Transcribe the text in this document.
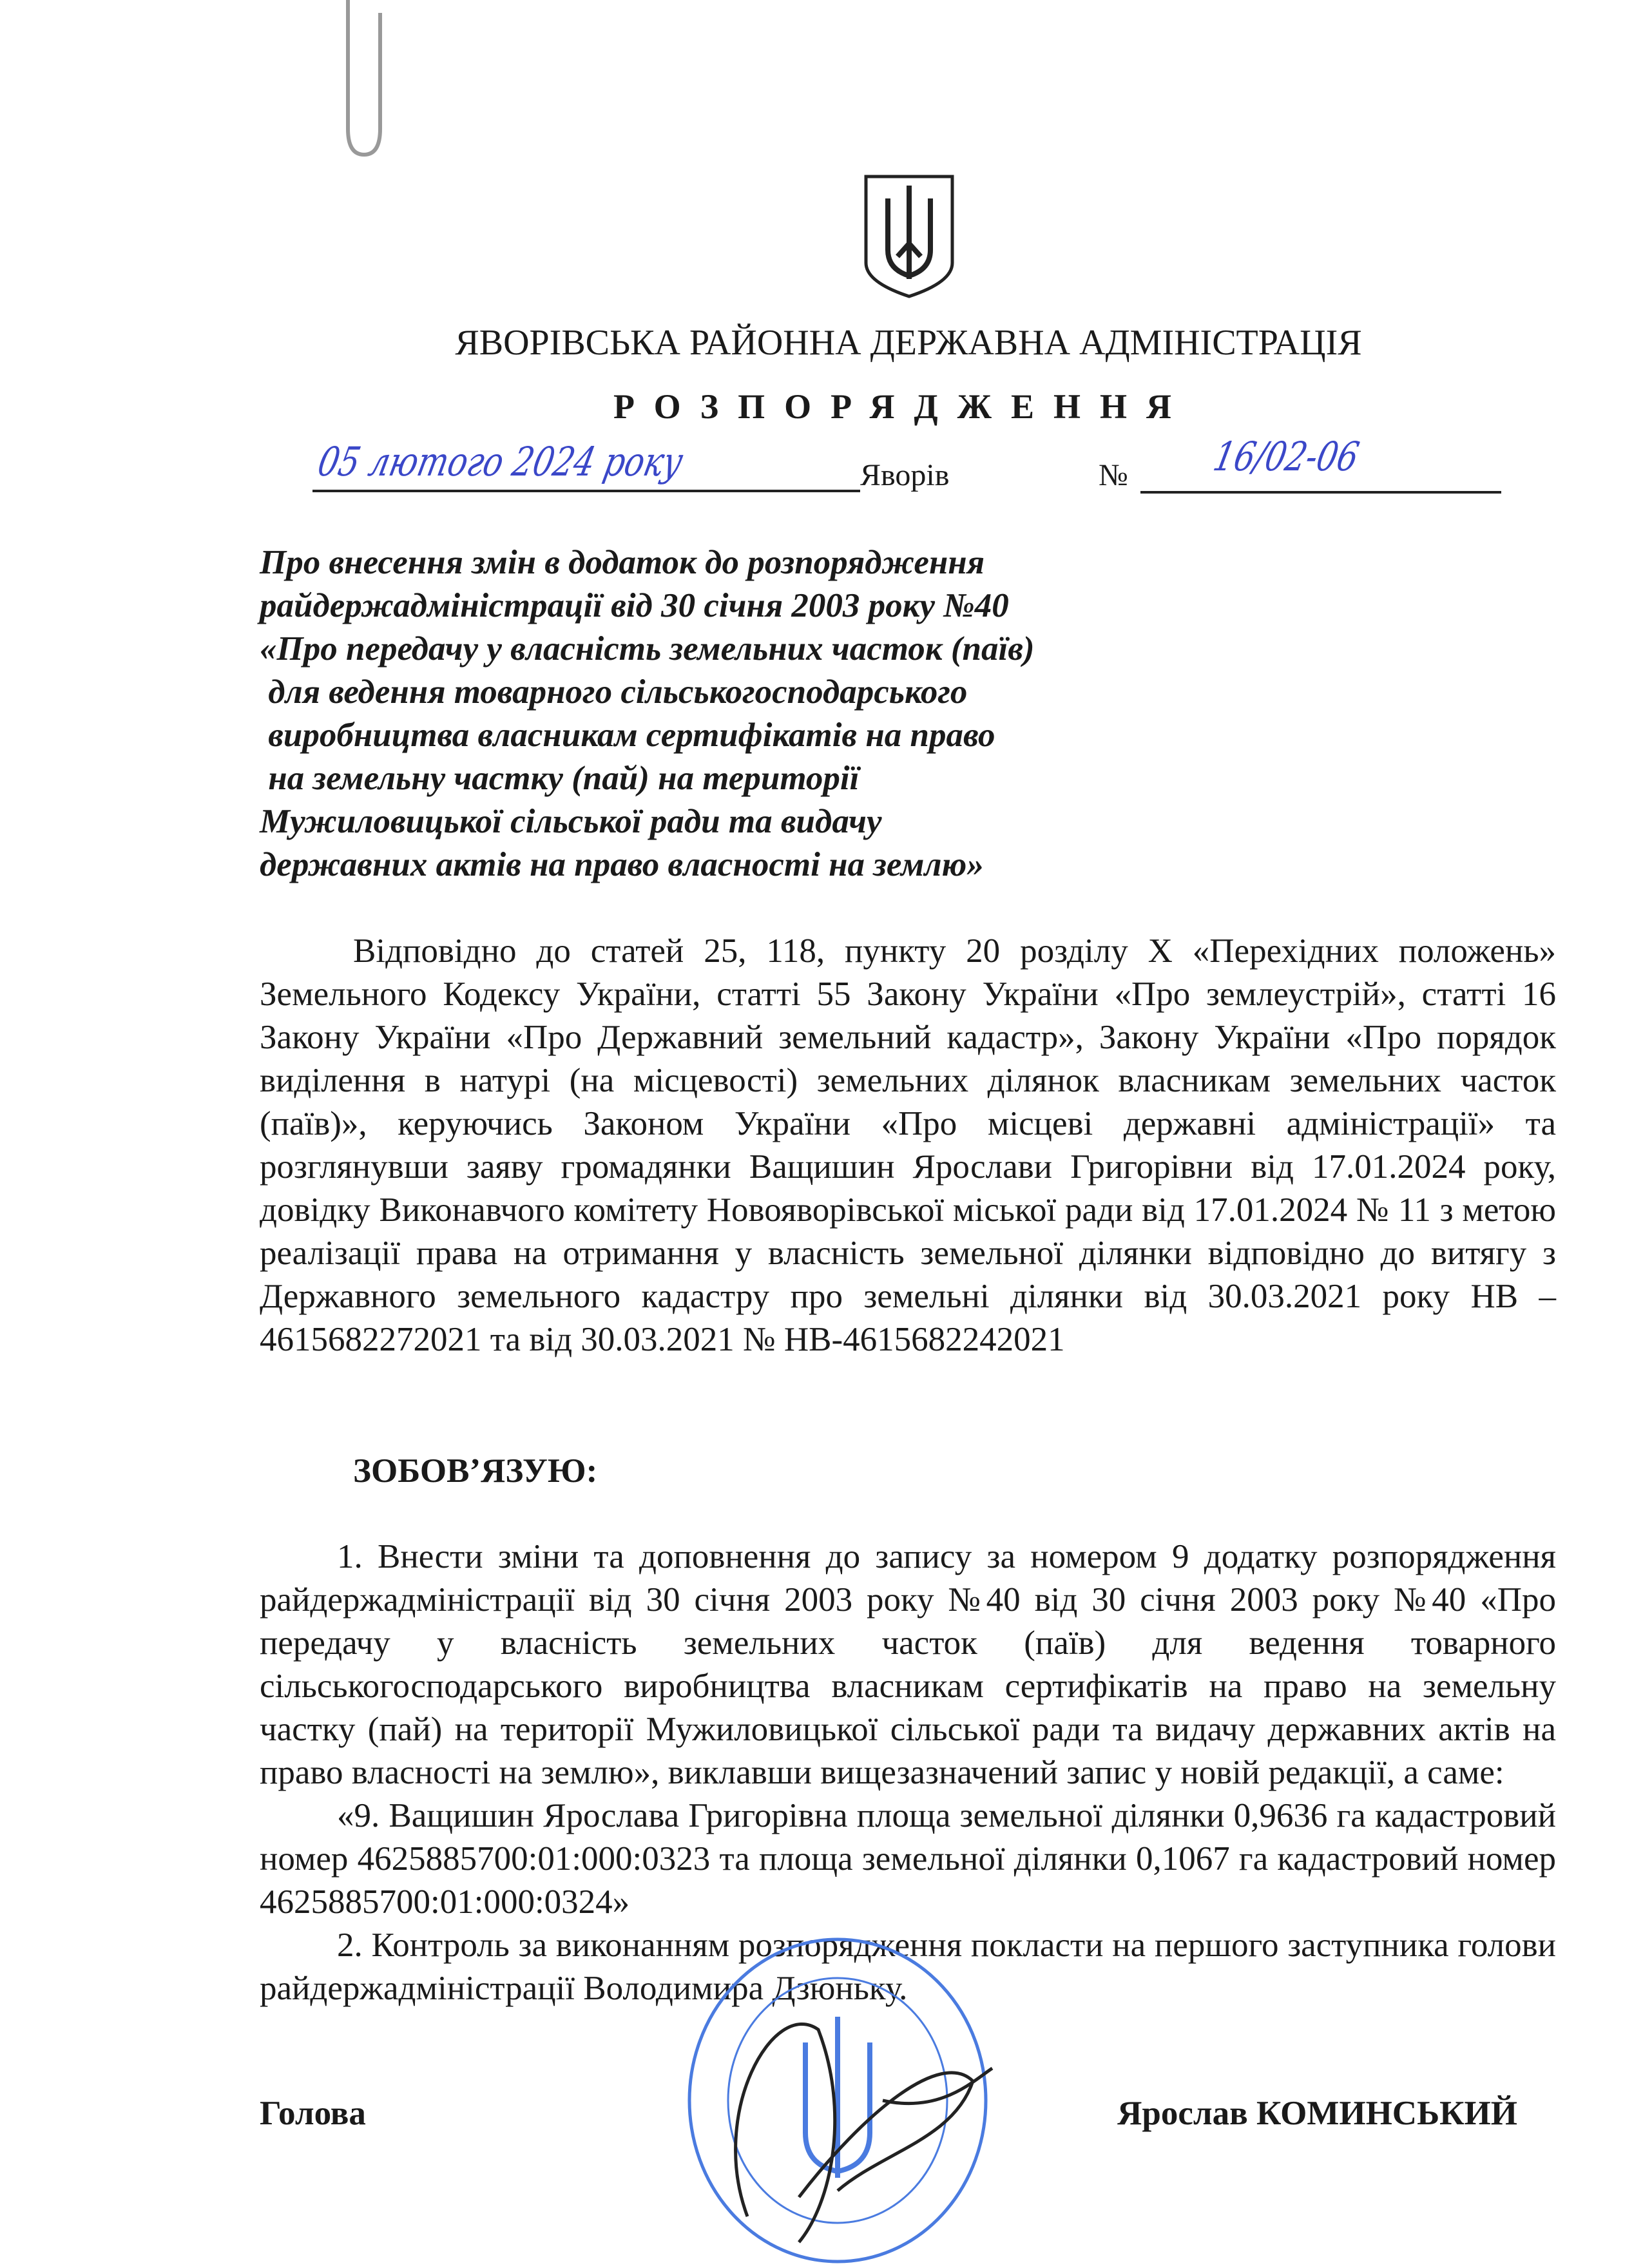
ЯВОРІВСЬКА РАЙОННА ДЕРЖАВНА АДМІНІСТРАЦІЯ
РОЗПОРЯДЖЕННЯ
05 лютого 2024 року	Яворів	№ 16/02-06
Про внесення змін в додаток до розпорядження
райдержадміністрації від 30 січня 2003 року №40
«Про передачу у власність земельних часток (паїв)
для ведення товарного сільськогосподарського
виробництва власникам сертифікатів на право
на земельну частку (пай) на території
Мужиловицької сільської ради та видачу
державних актів на право власності на землю»

Відповідно до статей 25, 118, пункту 20 розділу Х «Перехідних положень» Земельного Кодексу України, статті 55 Закону України «Про землеустрій», статті 16 Закону України «Про Державний земельний кадастр», Закону України «Про порядок виділення в натурі (на місцевості) земельних ділянок власникам земельних часток (паїв)», керуючись Законом України «Про місцеві державні адміністрації» та розглянувши заяву громадянки Ващишин Ярослави Григорівни від 17.01.2024 року, довідку Виконавчого комітету Новояворівської міської ради від 17.01.2024 № 11 з метою реалізації права на отримання у власність земельної ділянки відповідно до витягу з Державного земельного кадастру про земельні ділянки від 30.03.2021 року НВ – 4615682272021 та від 30.03.2021 № НВ-4615682242021

ЗОБОВ’ЯЗУЮ:

1. Внести зміни та доповнення до запису за номером 9 додатку розпорядження райдержадміністрації від 30 січня 2003 року №40 від 30 січня 2003 року №40 «Про передачу у власність земельних часток (паїв) для ведення товарного сільськогосподарського виробництва власникам сертифікатів на право на земельну частку (пай) на території Мужиловицької сільської ради та видачу державних актів на право власності на землю», виклавши вищезазначений запис у новій редакції, а саме:

«9. Ващишин Ярослава Григорівна площа земельної ділянки 0,9636 га кадастровий номер 4625885700:01:000:0323 та площа земельної ділянки 0,1067 га кадастровий номер 4625885700:01:000:0324»

2. Контроль за виконанням розпорядження покласти на першого заступника голови райдержадміністрації Володимира Дзюньку.

Голова	Ярослав КОМИНСЬКИЙ
